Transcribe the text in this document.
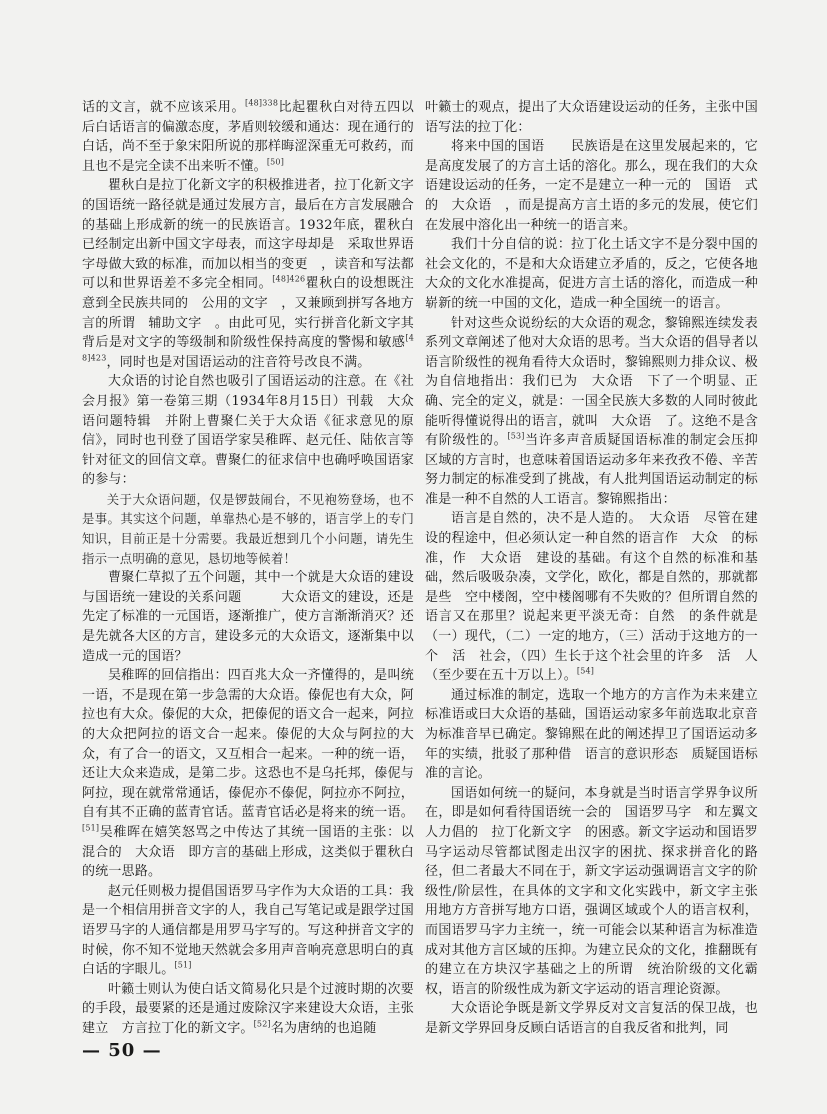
话的文言，就不应该采用。$^{[48]338}$比起瞿秋白对待五四以后白话语言的偏激态度，茅盾则较缓和通达：现在通行的　白话，尚不至于象宋阳所说的那样晦涩深重无可救药，而且也不是完全读不出来听不懂。[50]

瞿秋白是拉丁化新文字的积极推进者，拉丁化新文字的国语统一路径就是通过发展方言，最后在方言发展融合的基础上形成新的统一的民族语言。1932年底，瞿秋白已经制定出新中国文字母表，而这字母却是　采取世界语字母做大致的标准，而加以相当的变更　，读音和写法都可以和世界语差不多完全相同。$^{[48]426}$瞿秋白的设想既注意到全民族共同的　公用的文字　，又兼顾到拼写各地方言的所谓　辅助文字　。由此可见，实行拼音化新文字其背后是对文字的等级制和阶级性保持高度的警惕和敏感$^{[48]423}$，同时也是对国语运动的注音符号改良不满。

大众语的讨论自然也吸引了国语运动的注意。在《社会月报》第一卷第三期（1934年8月15日）刊载　大众语问题特辑　并附上曹聚仁关于大众语《征求意见的原信》，同时也刊登了国语学家吴稚晖、赵元任、陆依言等针对征文的回信文章。曹聚仁的征求信中也确呼唤国语家的参与：

关于大众语问题，仅是锣鼓闹台，不见袍笏登场，也不是事。其实这个问题，单靠热心是不够的，语言学上的专门知识，目前正是十分需要。我最近想到几个小问题，请先生指示一点明确的意见，恳切地等候着！

曹聚仁草拟了五个问题，其中一个就是大众语的建设与国语统一建设的关系问题　　　大众语文的建设，还是先定了标准的一元国语，逐渐推广，使方言渐渐消灭？还是先就各大区的方言，建设多元的大众语文，逐渐集中以造成一元的国语？

吴稚晖的回信指出：四百兆大众一齐懂得的，是叫统一语，不是现在第一步急需的大众语。傣伲也有大众，阿拉也有大众。傣伲的大众，把傣伲的语文合一起来，阿拉的大众把阿拉的语文合一起来。傣伲的大众与阿拉的大众，有了合一的语文，又互相合一起来。一种的统一语，还让大众来造成，是第二步。这恐也不是乌托邦，傣伲与阿拉，现在就常常通话，傣伲亦不傣伲，阿拉亦不阿拉，自有其不正确的蓝青官话。蓝青官话必是将来的统一语。[51]吴稚晖在嬉笑怒骂之中传达了其统一国语的主张：以混合的　大众语　即方言的基础上形成，这类似于瞿秋白的统一思路。

赵元任则极力提倡国语罗马字作为大众语的工具：我是一个相信用拼音文字的人，我自己写笔记或是跟学过国语罗马字的人通信都是用罗马字写的。写这种拼音文字的时候，你不知不觉地天然就会多用声音响亮意思明白的真白话的字眼儿。[51]

叶籁士则认为使白话文简易化只是个过渡时期的次要的手段，最要紧的还是通过废除汉字来建设大众语，主张建立　方言拉丁化的新文字。[52]名为唐纳的也追随

叶籁士的观点，提出了大众语建设运动的任务，主张中国语写法的拉丁化：

将来中国的国语　　民族语是在这里发展起来的，它是高度发展了的方言土话的溶化。那么，现在我们的大众语建设运动的任务，一定不是建立一种一元的　国语　式的　大众语　，而是提高方言土语的多元的发展，使它们在发展中溶化出一种统一的语言来。

我们十分自信的说：拉丁化土话文字不是分裂中国的社会文化的，不是和大众语建立矛盾的，反之，它使各地大众的文化水准提高，促进方言土话的溶化，而造成一种崭新的统一中国的文化，造成一种全国统一的语言。

针对这些众说纷纭的大众语的观念，黎锦熙连续发表系列文章阐述了他对大众语的思考。当大众语的倡导者以语言阶级性的视角看待大众语时，黎锦熙则力排众议、极为自信地指出：我们已为　大众语　下了一个明显、正确、完全的定义，就是：一国全民族大多数的人同时彼此能听得懂说得出的语言，就叫　大众语　了。这绝不是含有阶级性的。[53]当许多声音质疑国语标准的制定会压抑区域的方言时，也意味着国语运动多年来孜孜不倦、辛苦努力制定的标准受到了挑战，有人批判国语运动制定的标准是一种不自然的人工语言。黎锦熙指出：

语言是自然的，决不是人造的。　大众语　尽管在建设的程途中，但必须认定一种自然的语言作　大众　的标准，作　大众语　建设的基础。有这个自然的标准和基础，然后吸吸杂凑，文学化，欧化，都是自然的，那就都是些　空中楼阁，空中楼阁哪有不失败的？但所谓自然的语言又在那里？说起来更平淡无奇：自然　的条件就是（一）现代，（二）一定的地方，（三）活动于这地方的一个　活　社会，（四）生长于这个社会里的许多　活　人（至少要在五十万以上）。[54]

通过标准的制定，选取一个地方的方言作为未来建立标准语或曰大众语的基础，国语运动家多年前选取北京音为标准音早已确定。黎锦熙在此的阐述捍卫了国语运动多年的实绩，批驳了那种借　语言的意识形态　质疑国语标准的言论。

国语如何统一的疑问，本身就是当时语言学界争议所在，即是如何看待国语统一会的　国语罗马字　和左翼文人力倡的　拉丁化新文字　的困惑。新文字运动和国语罗马字运动尽管都试图走出汉字的困扰、探求拼音化的路径，但二者最大不同在于，新文字运动强调语言文字的阶级性/阶层性，在具体的文字和文化实践中，新文字主张用地方方音拼写地方口语，强调区域或个人的语言权利，而国语罗马字力主统一，统一可能会以某种语言为标准造成对其他方言区域的压抑。为建立民众的文化，推翻既有的建立在方块汉字基础之上的所谓　统治阶级的文化霸权，语言的阶级性成为新文字运动的语言理论资源。

大众语论争既是新文学界反对文言复活的保卫战，也是新文学界回身反顾白话语言的自我反省和批判，同

— 50 —
